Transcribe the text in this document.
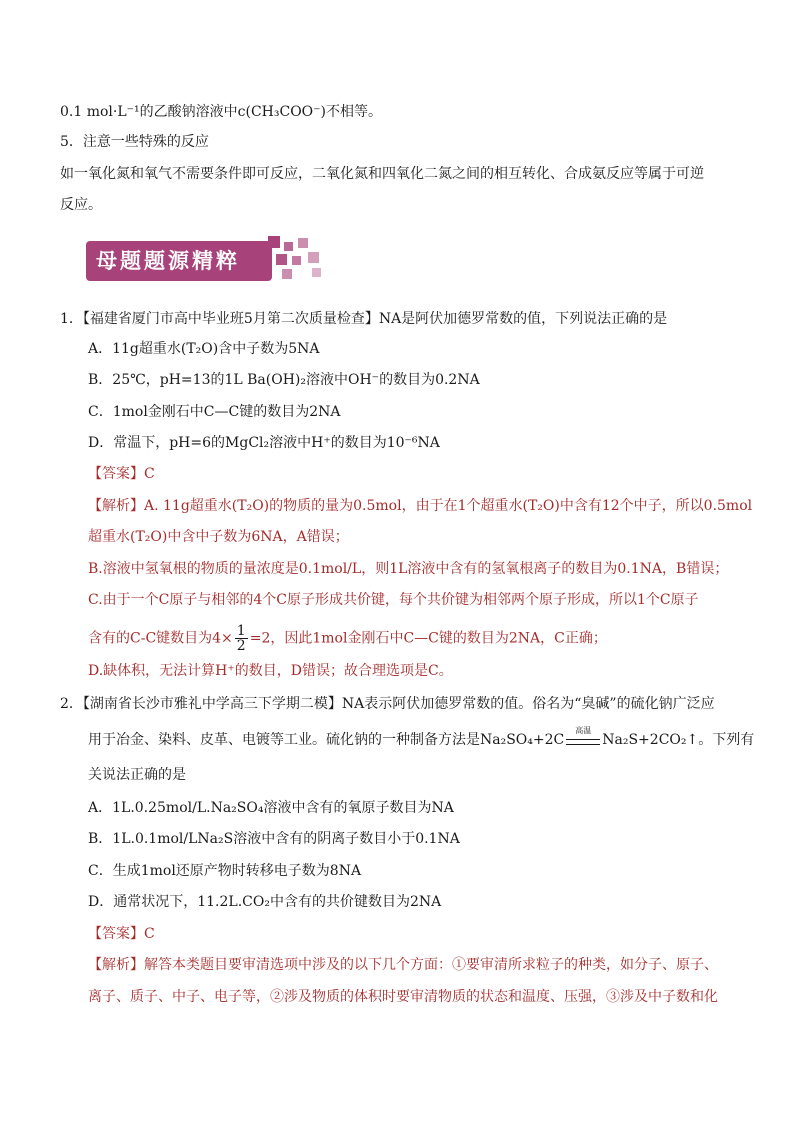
0.1 mol·L⁻¹的乙酸钠溶液中c(CH₃COO⁻)不相等。
5．注意一些特殊的反应
如一氧化氮和氧气不需要条件即可反应，二氧化氮和四氧化二氮之间的相互转化、合成氨反应等属于可逆
反应。
母题题源精粹
1．【福建省厦门市高中毕业班5月第二次质量检查】NA是阿伏加德罗常数的值，下列说法正确的是
A．11g超重水(T₂O)含中子数为5NA
B．25℃，pH=13的1L Ba(OH)₂溶液中OH⁻的数目为0.2NA
C．1mol金刚石中C—C键的数目为2NA
D．常温下，pH=6的MgCl₂溶液中H⁺的数目为10⁻⁶NA
【答案】C
【解析】A. 11g超重水(T₂O)的物质的量为0.5mol，由于在1个超重水(T₂O)中含有12个中子，所以0.5mol
超重水(T₂O)中含中子数为6NA，A错误；
B.溶液中氢氧根的物质的量浓度是0.1mol/L，则1L溶液中含有的氢氧根离子的数目为0.1NA，B错误；
C.由于一个C原子与相邻的4个C原子形成共价键，每个共价键为相邻两个原子形成，所以1个C原子
含有的C-C键数目为$4\times \frac{1}{2} =2$，因此1mol金刚石中C—C键的数目为2NA，C正确；
D.缺体积，无法计算H⁺的数目，D错误；故合理选项是C。
2．【湖南省长沙市雅礼中学高三下学期二模】NA表示阿伏加德罗常数的值。俗名为“臭碱”的硫化钠广泛应
用于冶金、染料、皮革、电镀等工业。硫化钠的一种制备方法是Na₂SO₄+2C
高温
Na₂S+2CO₂↑。下列有
关说法正确的是
A．1L.0.25mol/L.Na₂SO₄溶液中含有的氧原子数目为NA
B．1L.0.1mol/LNa₂S溶液中含有的阴离子数目小于0.1NA
C．生成1mol还原产物时转移电子数为8NA
D．通常状况下，11.2L.CO₂中含有的共价键数目为2NA
【答案】C
【解析】解答本类题目要审清选项中涉及的以下几个方面：①要审清所求粒子的种类，如分子、原子、
离子、质子、中子、电子等，②涉及物质的体积时要审清物质的状态和温度、压强，③涉及中子数和化
